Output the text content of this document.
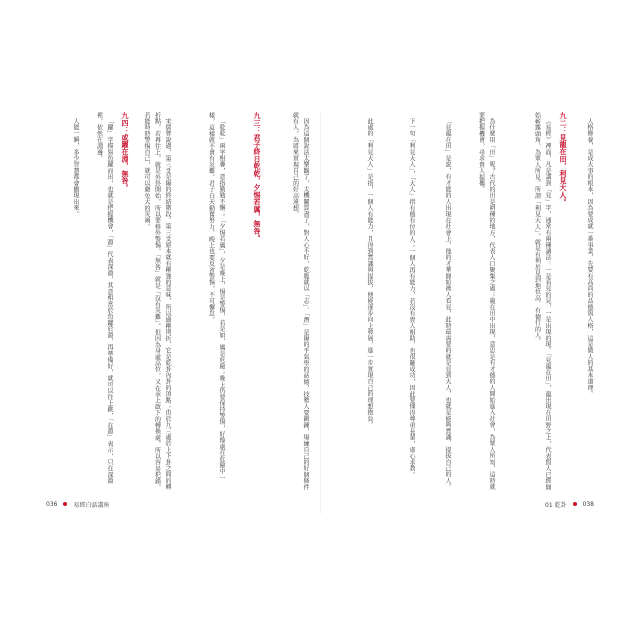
因為這個說法太樂觀了，太機關算盡了，對人心不好，乾脆就以「志」、「潛」是陽的乎氣學的話德，技勢人要鍛鍊，場練自己的好個條件就有人，為將來實現自己的好高遠想，

九三：君子終日乾乾，夕惕若厲，無咎。

「乾乾」兩字相疊，意指勤勉不懈；「夕惕若厲」，夕是晚上，惕是警惕，若是如，厲是危險；晚上仍要保持警惕，好像處在危險中一樣，這樣就不會有災難。君子白天勤奮努力，晚上也要反省警惕，不可懈怠。

宋儒曾說過，第三爻是陽的終結階段。第三爻原本就有剛強的意味，所以過剛則折，它是乾卦內卦的頂點；由於九三處於上下卦之間的轉折點，若再往上，就是外卦開始，所以要格外警惕，「無咎」就是「沒有災難」。但因為身處高位，又在承上啟下的轉換處，所以容易犯錯，若能時時警惕自己，就可以避免大的災禍。

九四：或躍在淵，無咎。

「躍」字描寫魚躍而出，也就是把握機會，「淵」代表深淵，其意相當於魚躍於淵，再準備好，就可以往上跳，「在淵」表示，只在深淵裡，依然在淵邊。

人能一瞬，多少智慧都會顯現出來。

036	易經白話講座

人格修養，是成大事的根本，因為要成就一番事業，先要有高尚的品德與人格，這是做人的基本道理。

九二：見龍在田，利見大人。

《易經》裡面，凡是講到「見」字，通常有兩種讀法：一是看見的見，一是出現的現。「見龍在田」，龍出現在田野之上，代表賢人已經開始嶄露頭角，為眾人所見。所謂「利見大人」，就是有利於見到地位高、有德行的人。

為什麼用「田」呢？古代的田是耕種的地方，代表人口聚集之處；龍在田中出現，意思是有才德的人開始進入社會，為眾人所知，這時就要把握機會，尋求貴人提攜。

「見龍在田」是說，有才能的人出現在社會上，他的才華開始被人看見，此時最需要的就是見到大人，也就是能夠賞識、提拔自己的人。

下一句「利見大人」，「大人」指有德有位的人；一個人再有能力，若沒有貴人相助，也很難成功，因此要懂得尊重長輩，虛心求教。

此處的「利見大人」是指，一個人有能力，且得到賞識與提拔，便能逐步向上發展，進一步實現自己的理想抱負。

01 乾卦	038
